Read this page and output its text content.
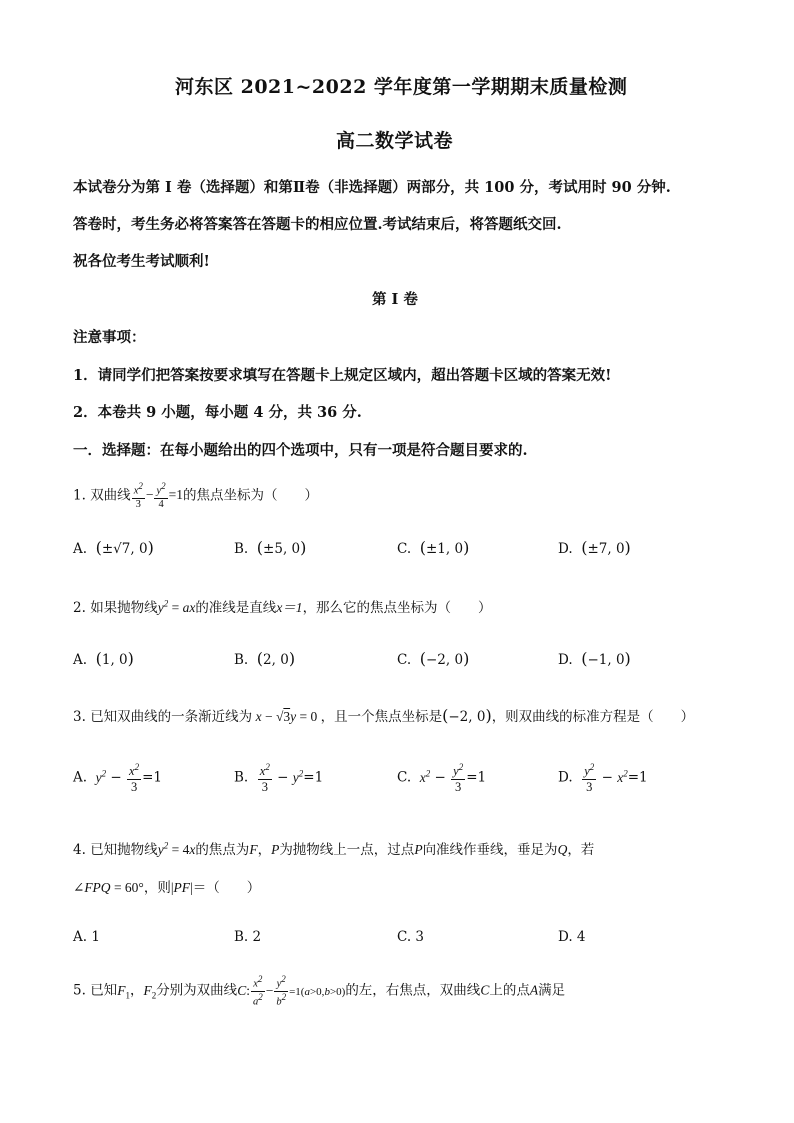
河东区 2021~2022 学年度第一学期期末质量检测
高二数学试卷
本试卷分为第 I 卷（选择题）和第Ⅱ卷（非选择题）两部分，共 100 分，考试用时 90 分钟.
答卷时，考生务必将答案答在答题卡的相应位置.考试结束后，将答题纸交回.
祝各位考生考试顺利!
第 I 卷
注意事项：
1．请同学们把答案按要求填写在答题卡上规定区域内，超出答题卡区域的答案无效!
2．本卷共 9 小题，每小题 4 分，共 36 分.
一．选择题：在每小题给出的四个选项中，只有一项是符合题目要求的.
1. 双曲线 $\frac{x^2}{3} - \frac{y^2}{4} =1$的焦点坐标为（　　）
A.  (±√7, 0)	B.  (±5, 0)	C.  (±1, 0)	D.  (±7, 0)
2. 如果抛物线$y^2$ = ax的准线是直线x＝1，那么它的焦点坐标为（　　）
A.  (1, 0)	B.  (2, 0)	C.  (−2, 0)	D.  (−1, 0)
3. 已知双曲线的一条渐近线为 x − √3y = 0 ，且一个焦点坐标是(−2, 0)，则双曲线的标准方程是（　　）
A.  $y^2 - \frac{x^2}{3} =1$	B. $\frac{x^2}{3} - y^2=1$	C.  $x^2 - \frac{y^2}{3} =1$	D. $\frac{y^2}{3} - x^2=1$
4. 已知抛物线$y^2 = 4x$的焦点为F，P为抛物线上一点，过点P向准线作垂线，垂足为Q，若
∠FPQ = 60°，则|PF|＝（　　）
A. 1	B. 2	C. 3	D. 4
5. 已知$F_1$，$F_2$分别为双曲线C: $\frac{x^2}{a^2} - \frac{y^2}{b^2} =1(a>0,b>0)$的左，右焦点，双曲线C上的点A满足
